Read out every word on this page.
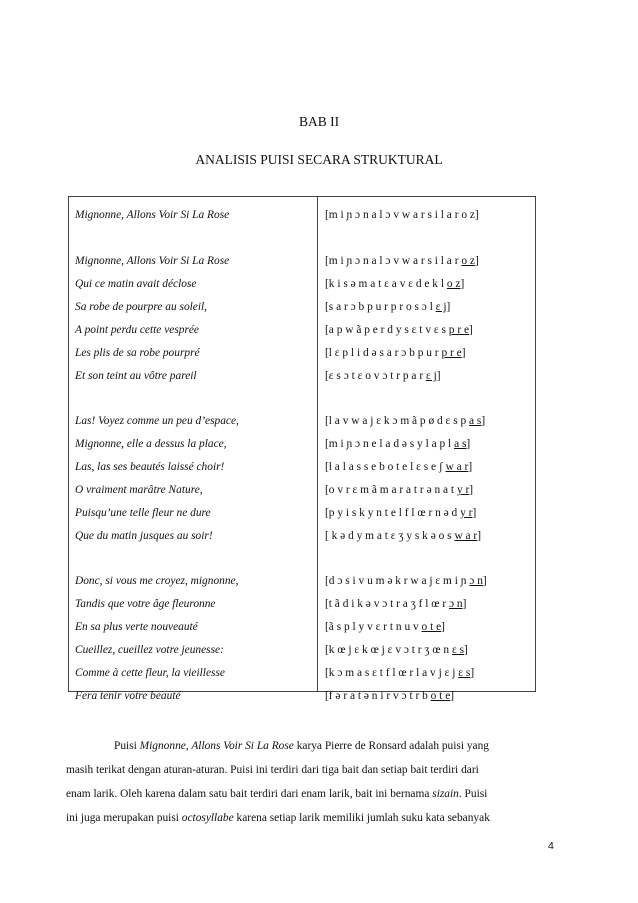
BAB II
ANALISIS PUISI SECARA STRUKTURAL
Mignonne, Allons Voir Si La Rose	[m i ɲ ɔ n a l ɔ v w a r s i l a r o z]
Mignonne, Allons Voir Si La Rose	[m i ɲ ɔ n a l ɔ v w a r s i l a r o z]
Qui ce matin avait déclose	[k i s ə m a t ɛ a v ɛ d e k l o z]
Sa robe de pourpre au soleil,	[s a r ɔ b p u r p r o s ɔ l ɛ j]
A point perdu cette vesprée	[a p w ã p e r d y s ɛ t v ɛ s p r e]
Les plis de sa robe pourpré	[l ɛ p l i d ə s a r ɔ b p u r p r e]
Et son teint au vôtre pareil	[ɛ s ɔ t ɛ o v ɔ t r p a r ɛ j]
Las! Voyez comme un peu d’espace,	[l a v w a j ɛ k ɔ m ã p ø d ɛ s p a s]
Mignonne, elle a dessus la place,	[m i ɲ ɔ n e l a d ə s y l a p l a s]
Las, las ses beautés laissé choir!	[l a l a s s e b o t e l ɛ s e ʃ w a r]
O vraiment marâtre Nature,	[o v r ɛ m ã m a r a t r ə n a t y r]
Puisqu’une telle fleur ne dure	[p y i s k y n t e l f l œ r n ə d y r]
Que du matin jusques au soir!	[ k ə d y m a t ɛ ʒ y s k ə o s w a r]
Donc, si vous me croyez, mignonne,	[d ɔ s i v u m ə k r w a j ɛ m i ɲ ɔ n]
Tandis que votre âge fleuronne	[t ã d i k ə v ɔ t r a ʒ f l œ r ɔ n]
En sa plus verte nouveauté	[ã s p l y v ɛ r t n u v o t e]
Cueillez, cueillez votre jeunesse:	[k œ j ɛ k œ j ɛ v ɔ t r ʒ œ n ɛ s]
Comme à cette fleur, la vieillesse	[k ɔ m a s ɛ t f l œ r l a v j ɛ j ɛ s]
Fera tenir votre beauté	[f ə r a t ə n i r v ɔ t r b o t e]
Puisi Mignonne, Allons Voir Si La Rose karya Pierre de Ronsard adalah puisi yang
masih terikat dengan aturan-aturan. Puisi ini terdiri dari tiga bait dan setiap bait terdiri dari
enam larik. Oleh karena dalam satu bait terdiri dari enam larik, bait ini bernama sizain. Puisi
ini juga merupakan puisi octosyllabe karena setiap larik memiliki jumlah suku kata sebanyak
4
